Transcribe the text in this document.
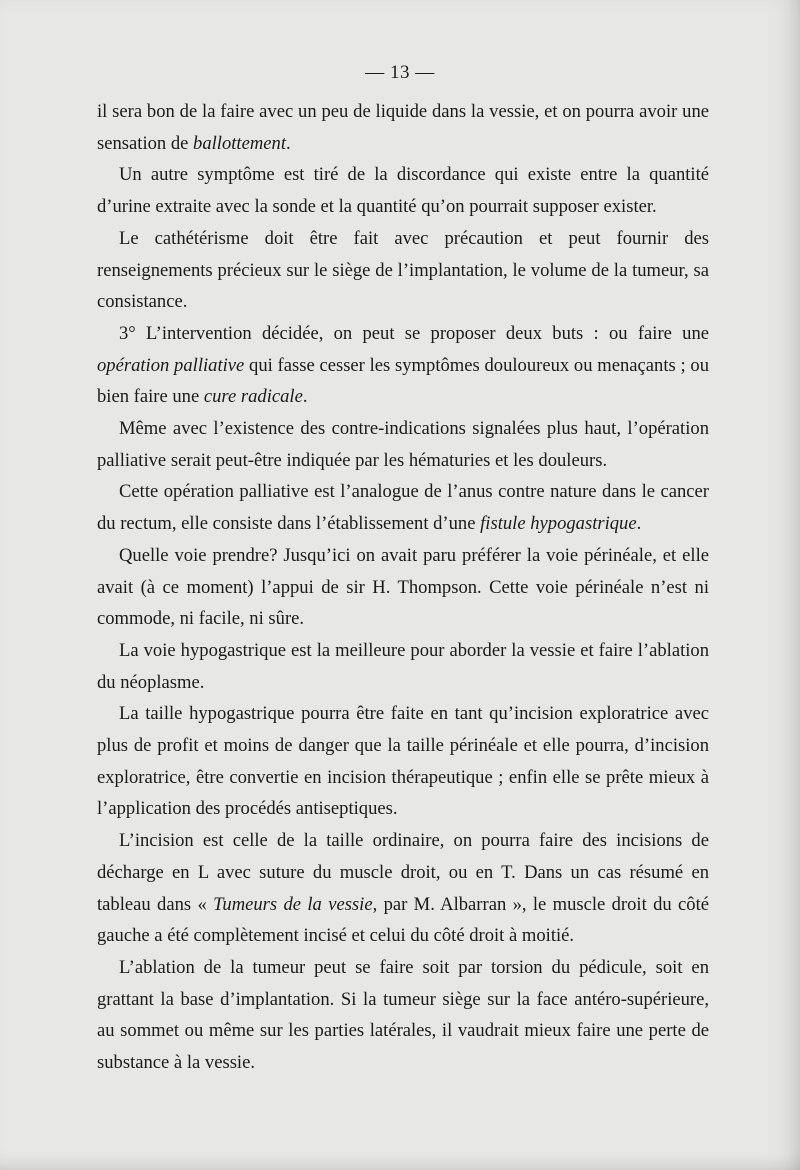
— 13 —

il sera bon de la faire avec un peu de liquide dans la vessie, et on pourra avoir une sensation de ballottement.

Un autre symptôme est tiré de la discordance qui existe entre la quantité d’urine extraite avec la sonde et la quantité qu’on pourrait supposer exister.

Le cathétérisme doit être fait avec précaution et peut fournir des renseignements précieux sur le siège de l’implantation, le volume de la tumeur, sa consistance.

3° L’intervention décidée, on peut se proposer deux buts : ou faire une opération palliative qui fasse cesser les symptômes douloureux ou menaçants ; ou bien faire une cure radicale.

Même avec l’existence des contre-indications signalées plus haut, l’opération palliative serait peut-être indiquée par les hématuries et les douleurs.

Cette opération palliative est l’analogue de l’anus contre nature dans le cancer du rectum, elle consiste dans l’établissement d’une fistule hypogastrique.

Quelle voie prendre? Jusqu’ici on avait paru préférer la voie périnéale, et elle avait (à ce moment) l’appui de sir H. Thompson. Cette voie périnéale n’est ni commode, ni facile, ni sûre.

La voie hypogastrique est la meilleure pour aborder la vessie et faire l’ablation du néoplasme.

La taille hypogastrique pourra être faite en tant qu’incision exploratrice avec plus de profit et moins de danger que la taille périnéale et elle pourra, d’incision exploratrice, être convertie en incision thérapeutique ; enfin elle se prête mieux à l’application des procédés antiseptiques.

L’incision est celle de la taille ordinaire, on pourra faire des incisions de décharge en L avec suture du muscle droit, ou en T. Dans un cas résumé en tableau dans « Tumeurs de la vessie, par M. Albarran », le muscle droit du côté gauche a été complètement incisé et celui du côté droit à moitié.

L’ablation de la tumeur peut se faire soit par torsion du pédicule, soit en grattant la base d’implantation. Si la tumeur siège sur la face antéro-supérieure, au sommet ou même sur les parties latérales, il vaudrait mieux faire une perte de substance à la vessie.
